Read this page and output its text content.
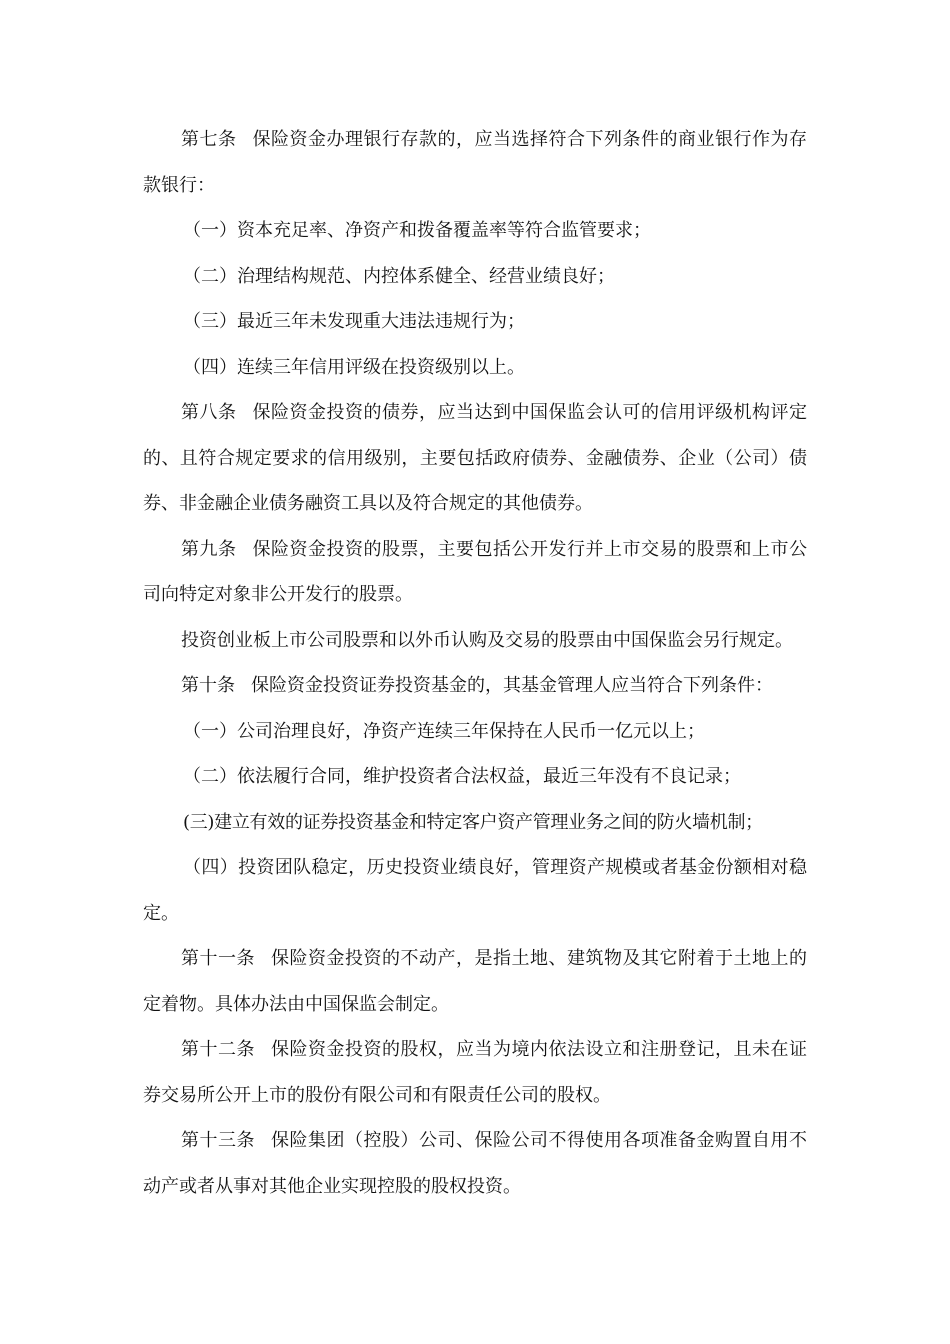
第七条 保险资金办理银行存款的，应当选择符合下列条件的商业银行作为存款银行：

（一）资本充足率、净资产和拨备覆盖率等符合监管要求；

（二）治理结构规范、内控体系健全、经营业绩良好；

（三）最近三年未发现重大违法违规行为；

（四）连续三年信用评级在投资级别以上。

第八条 保险资金投资的债券，应当达到中国保监会认可的信用评级机构评定的、且符合规定要求的信用级别，主要包括政府债券、金融债券、企业（公司）债券、非金融企业债务融资工具以及符合规定的其他债券。

第九条 保险资金投资的股票，主要包括公开发行并上市交易的股票和上市公司向特定对象非公开发行的股票。

投资创业板上市公司股票和以外币认购及交易的股票由中国保监会另行规定。

第十条 保险资金投资证券投资基金的，其基金管理人应当符合下列条件：

（一）公司治理良好，净资产连续三年保持在人民币一亿元以上；

（二）依法履行合同，维护投资者合法权益，最近三年没有不良记录；

(三)建立有效的证券投资基金和特定客户资产管理业务之间的防火墙机制；

（四）投资团队稳定，历史投资业绩良好，管理资产规模或者基金份额相对稳定。

第十一条 保险资金投资的不动产，是指土地、建筑物及其它附着于土地上的定着物。具体办法由中国保监会制定。

第十二条 保险资金投资的股权，应当为境内依法设立和注册登记，且未在证券交易所公开上市的股份有限公司和有限责任公司的股权。

第十三条 保险集团（控股）公司、保险公司不得使用各项准备金购置自用不动产或者从事对其他企业实现控股的股权投资。
